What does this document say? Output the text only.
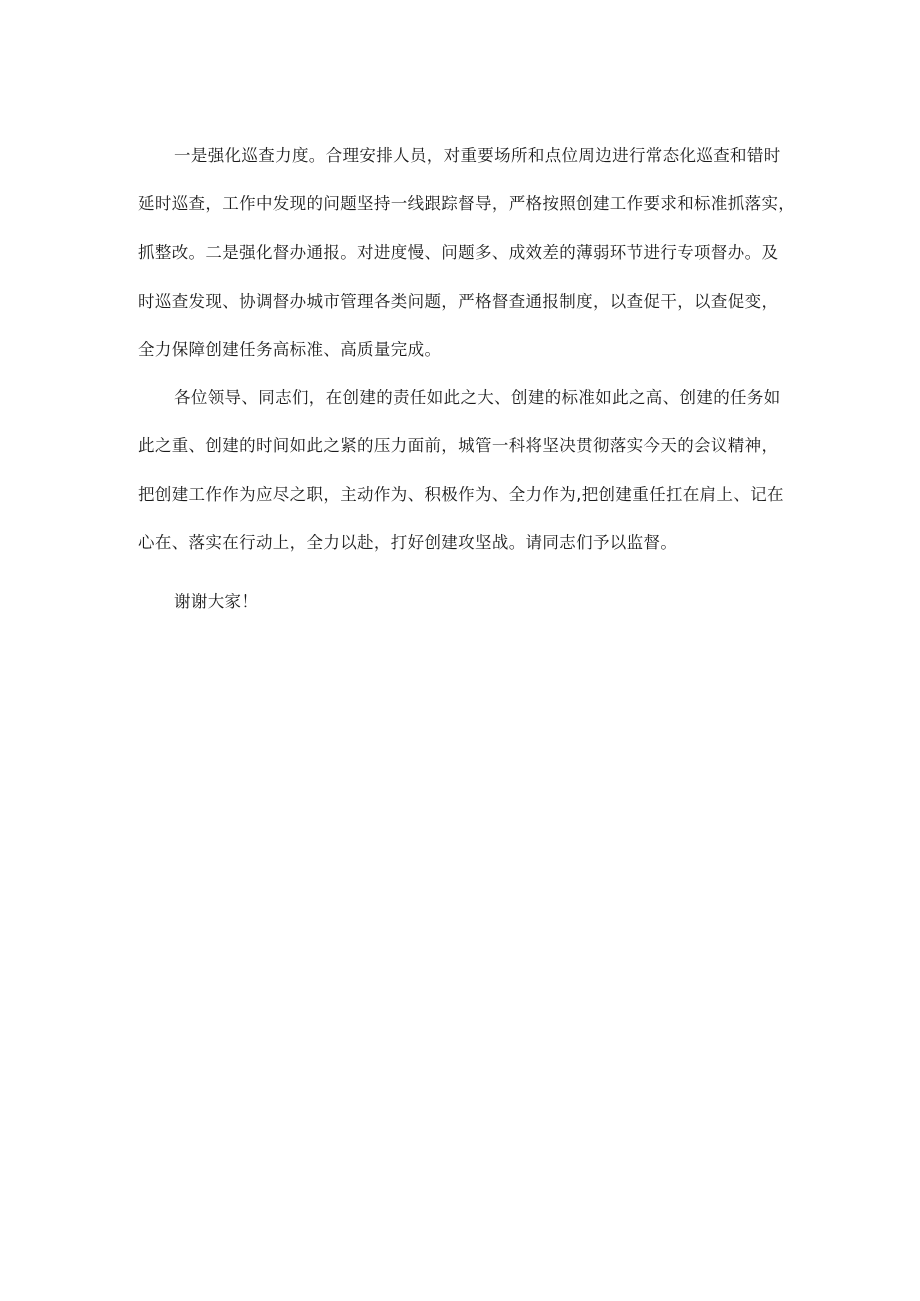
一是强化巡查力度。合理安排人员，对重要场所和点位周边进行常态化巡查和错时
延时巡查，工作中发现的问题坚持一线跟踪督导，严格按照创建工作要求和标准抓落实，
抓整改。二是强化督办通报。对进度慢、问题多、成效差的薄弱环节进行专项督办。及
时巡查发现、协调督办城市管理各类问题，严格督查通报制度，以查促干，以查促变，
全力保障创建任务高标准、高质量完成。
各位领导、同志们，在创建的责任如此之大、创建的标准如此之高、创建的任务如
此之重、创建的时间如此之紧的压力面前，城管一科将坚决贯彻落实今天的会议精神，
把创建工作作为应尽之职，主动作为、积极作为、全力作为,把创建重任扛在肩上、记在
心在、落实在行动上，全力以赴，打好创建攻坚战。请同志们予以监督。
谢谢大家！
